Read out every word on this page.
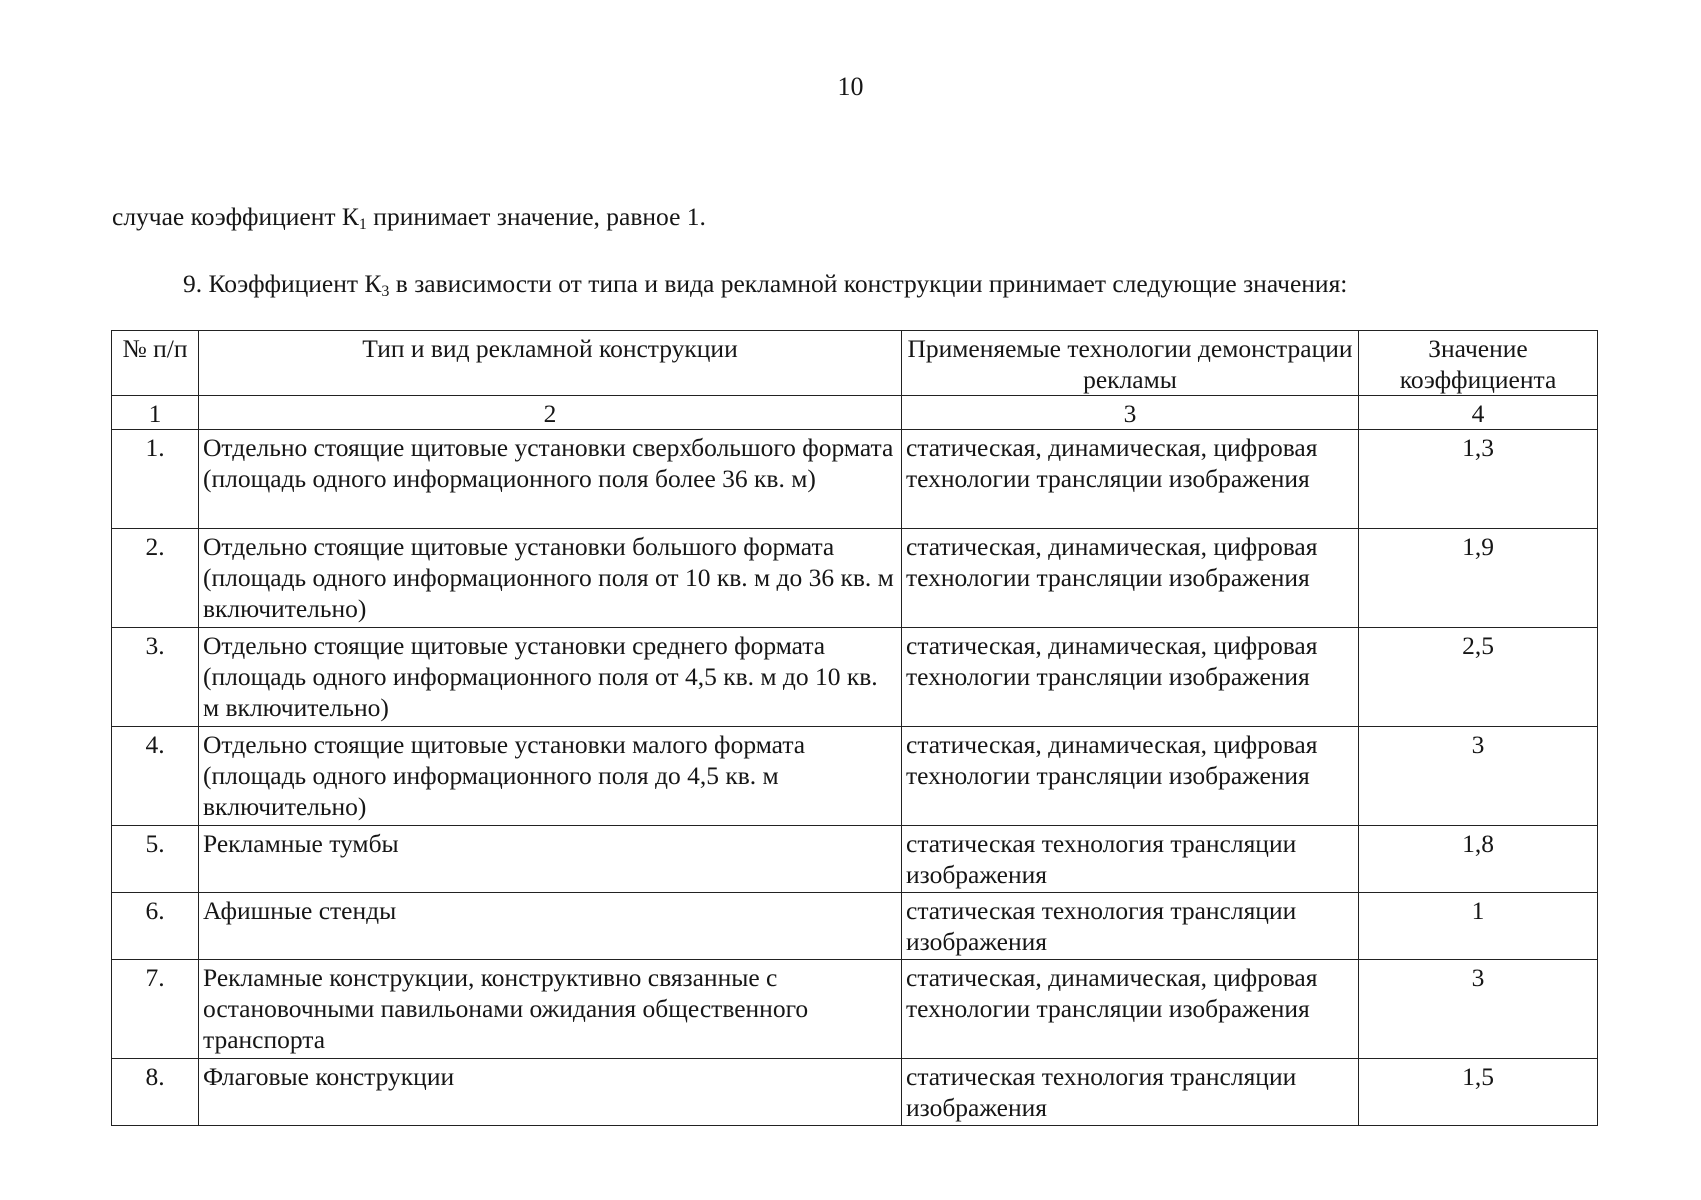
10
случае коэффициент $К_1$ принимает значение, равное 1.
9. Коэффициент $К_3$ в зависимости от типа и вида рекламной конструкции принимает следующие значения:
№ п/п	Тип и вид рекламной конструкции	Применяемые технологии демонстрации рекламы	Значение коэффициента
1	2	3	4
1.	Отдельно стоящие щитовые установки сверхбольшого формата (площадь одного информационного поля более 36 кв. м)	статическая, динамическая, цифровая технологии трансляции изображения	1,3
2.	Отдельно стоящие щитовые установки большого формата (площадь одного информационного поля от 10 кв. м до 36 кв. м включительно)	статическая, динамическая, цифровая технологии трансляции изображения	1,9
3.	Отдельно стоящие щитовые установки среднего формата (площадь одного информационного поля от 4,5 кв. м до 10 кв. м включительно)	статическая, динамическая, цифровая технологии трансляции изображения	2,5
4.	Отдельно стоящие щитовые установки малого формата (площадь одного информационного поля до 4,5 кв. м включительно)	статическая, динамическая, цифровая технологии трансляции изображения	3
5.	Рекламные тумбы	статическая технология трансляции изображения	1,8
6.	Афишные стенды	статическая технология трансляции изображения	1
7.	Рекламные конструкции, конструктивно связанные с остановочными павильонами ожидания общественного транспорта	статическая, динамическая, цифровая технологии трансляции изображения	3
8.	Флаговые конструкции	статическая технология трансляции изображения	1,5
